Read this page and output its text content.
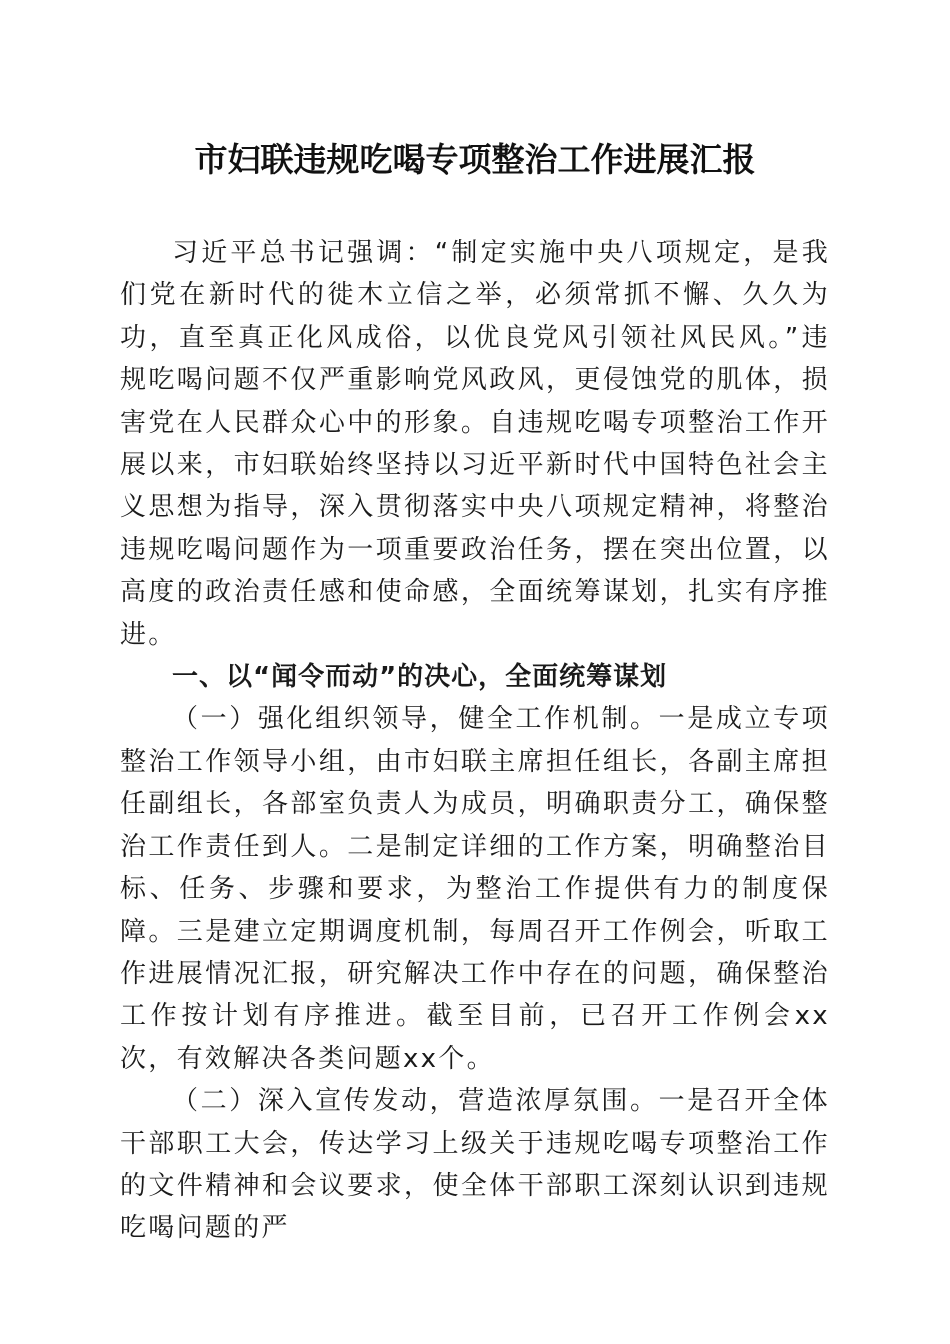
市妇联违规吃喝专项整治工作进展汇报

习近平总书记强调：“制定实施中央八项规定，是我们党在新时代的徙木立信之举，必须常抓不懈、久久为功，直至真正化风成俗，以优良党风引领社风民风。”违规吃喝问题不仅严重影响党风政风，更侵蚀党的肌体，损害党在人民群众心中的形象。自违规吃喝专项整治工作开展以来，市妇联始终坚持以习近平新时代中国特色社会主义思想为指导，深入贯彻落实中央八项规定精神，将整治违规吃喝问题作为一项重要政治任务，摆在突出位置，以高度的政治责任感和使命感，全面统筹谋划，扎实有序推进。

一、以“闻令而动”的决心，全面统筹谋划

（一）强化组织领导，健全工作机制。一是成立专项整治工作领导小组，由市妇联主席担任组长，各副主席担任副组长，各部室负责人为成员，明确职责分工，确保整治工作责任到人。二是制定详细的工作方案，明确整治目标、任务、步骤和要求，为整治工作提供有力的制度保障。三是建立定期调度机制，每周召开工作例会，听取工作进展情况汇报，研究解决工作中存在的问题，确保整治工作按计划有序推进。截至目前，已召开工作例会xx次，有效解决各类问题xx个。

（二）深入宣传发动，营造浓厚氛围。一是召开全体干部职工大会，传达学习上级关于违规吃喝专项整治工作的文件精神和会议要求，使全体干部职工深刻认识到违规吃喝问题的严
